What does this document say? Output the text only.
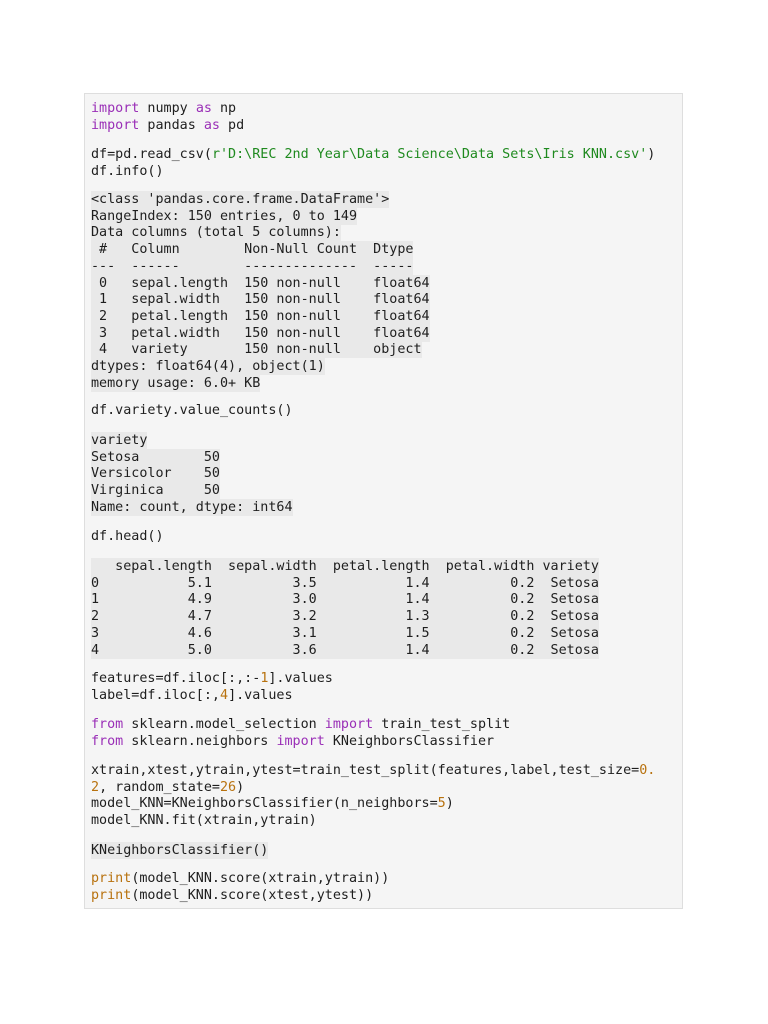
import numpy as np
import pandas as pd
df=pd.read_csv(r'D:\REC 2nd Year\Data Science\Data Sets\Iris KNN.csv')
df.info()
<class 'pandas.core.frame.DataFrame'>
RangeIndex: 150 entries, 0 to 149
Data columns (total 5 columns):
#   Column        Non-Null Count  Dtype
---  ------        --------------  -----
0   sepal.length  150 non-null    float64
1   sepal.width   150 non-null    float64
2   petal.length  150 non-null    float64
3   petal.width   150 non-null    float64
4   variety       150 non-null    object
dtypes: float64(4), object(1)
memory usage: 6.0+ KB
df.variety.value_counts()
variety
Setosa        50
Versicolor    50
Virginica     50
Name: count, dtype: int64
df.head()
sepal.length  sepal.width  petal.length  petal.width variety
0           5.1          3.5           1.4          0.2  Setosa
1           4.9          3.0           1.4          0.2  Setosa
2           4.7          3.2           1.3          0.2  Setosa
3           4.6          3.1           1.5          0.2  Setosa
4           5.0          3.6           1.4          0.2  Setosa
features=df.iloc[:,:-1].values
label=df.iloc[:,4].values
from sklearn.model_selection import train_test_split
from sklearn.neighbors import KNeighborsClassifier
xtrain,xtest,ytrain,ytest=train_test_split(features,label,test_size=0.
2, random_state=26)
model_KNN=KNeighborsClassifier(n_neighbors=5)
model_KNN.fit(xtrain,ytrain)
KNeighborsClassifier()
print(model_KNN.score(xtrain,ytrain))
print(model_KNN.score(xtest,ytest))
